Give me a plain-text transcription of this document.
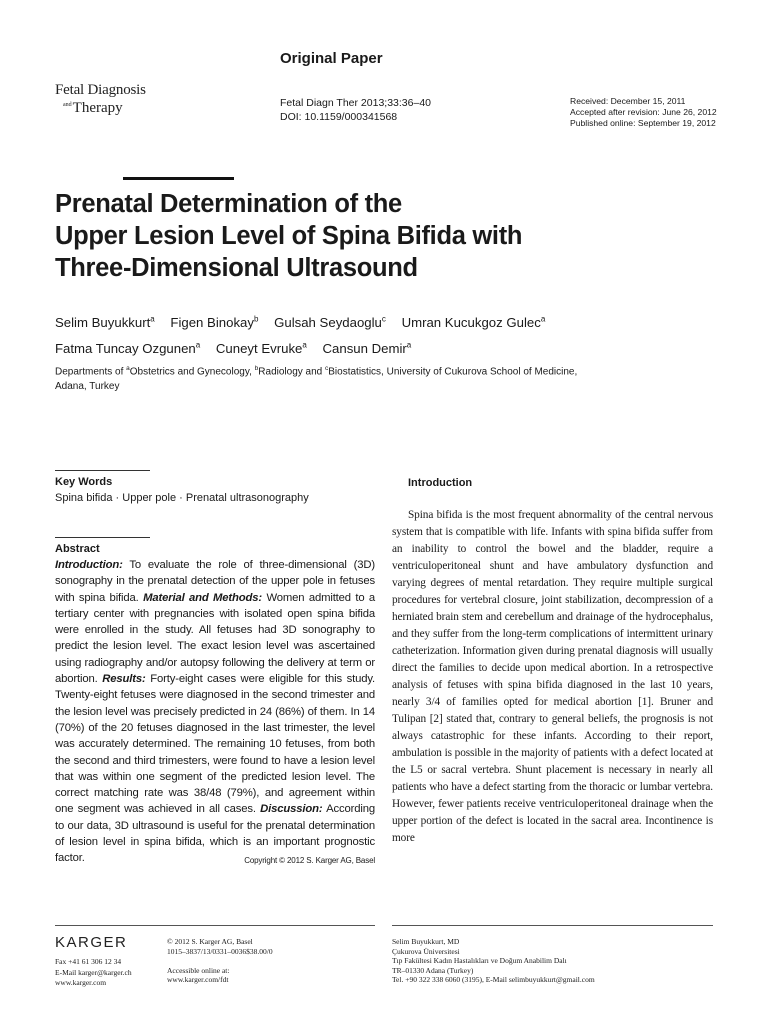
Fetal Diagnosis
$^{and}$Therapy
Original Paper
Fetal Diagn Ther 2013;33:36–40
DOI: 10.1159/000341568
Received: December 15, 2011
Accepted after revision: June 26, 2012
Published online: September 19, 2012
Prenatal Determination of the
Upper Lesion Level of Spina Bifida with
Three-Dimensional Ultrasound
Selim Buyukkurt$^a$ Figen Binokay$^b$ Gulsah Seydaoglu$^c$ Umran Kucukgoz Gulec$^a$
Fatma Tuncay Ozgunen$^a$ Cuneyt Evruke$^a$ Cansun Demir$^a$
Departments of $^a$Obstetrics and Gynecology, $^b$Radiology and $^c$Biostatistics, University of Cukurova School of Medicine, Adana, Turkey
Key Words
Spina bifida · Upper pole · Prenatal ultrasonography
Abstract
Introduction: To evaluate the role of three-dimensional (3D) sonography in the prenatal detection of the upper pole in fetuses with spina bifida. Material and Methods: Women admitted to a tertiary center with pregnancies with isolated open spina bifida were enrolled in the study. All fetuses had 3D sonography to predict the lesion level. The exact lesion level was ascertained using radiography and/or autopsy following the delivery at term or abortion. Results: Forty-eight cases were eligible for this study. Twenty-eight fetuses were diagnosed in the second trimester and the lesion level was precisely predicted in 24 (86%) of them. In 14 (70%) of the 20 fetuses diagnosed in the last trimester, the level was accurately determined. The remaining 10 fetuses, from both the second and third trimesters, were found to have a lesion level that was within one segment of the predicted lesion level. The correct matching rate was 38/48 (79%), and agreement within one segment was achieved in all cases. Discussion: According to our data, 3D ultrasound is useful for the prenatal determination of lesion level in spina bifida, which is an important prognostic factor.	Copyright © 2012 S. Karger AG, Basel
Introduction
Spina bifida is the most frequent abnormality of the central nervous system that is compatible with life. Infants with spina bifida suffer from an inability to control the bowel and the bladder, require a ventriculoperitoneal shunt and have ambulatory dysfunction and varying degrees of mental retardation. They require multiple surgical procedures for vertebral closure, joint stabilization, decompression of a herniated brain stem and cerebellum and drainage of the hydrocephalus, and they suffer from the long-term complications of intermittent urinary catheterization. Information given during prenatal diagnosis will usually direct the families to decide upon medical abortion. In a retrospective analysis of fetuses with spina bifida diagnosed in the last 10 years, nearly 3/4 of families opted for medical abortion [1]. Bruner and Tulipan [2] stated that, contrary to general beliefs, the prognosis is not always catastrophic for these infants. According to their report, ambulation is possible in the majority of patients with a defect located at the L5 or sacral vertebra. Shunt placement is necessary in nearly all patients who have a defect starting from the thoracic or lumbar vertebra. However, fewer patients receive ventriculoperitoneal drainage when the upper portion of the defect is located in the sacral area. Incontinence is more
KARGER
Fax +41 61 306 12 34
E-Mail karger@karger.ch
www.karger.com
© 2012 S. Karger AG, Basel
1015–3837/13/0331–0036$38.00/0
Accessible online at:
www.karger.com/fdt
Selim Buyukkurt, MD
Çukurova Üniversitesi
Tıp Fakültesi Kadın Hastalıkları ve Doğum Anabilim Dalı
TR–01330 Adana (Turkey)
Tel. +90 322 338 6060 (3195), E-Mail selimbuyukkurt@gmail.com
